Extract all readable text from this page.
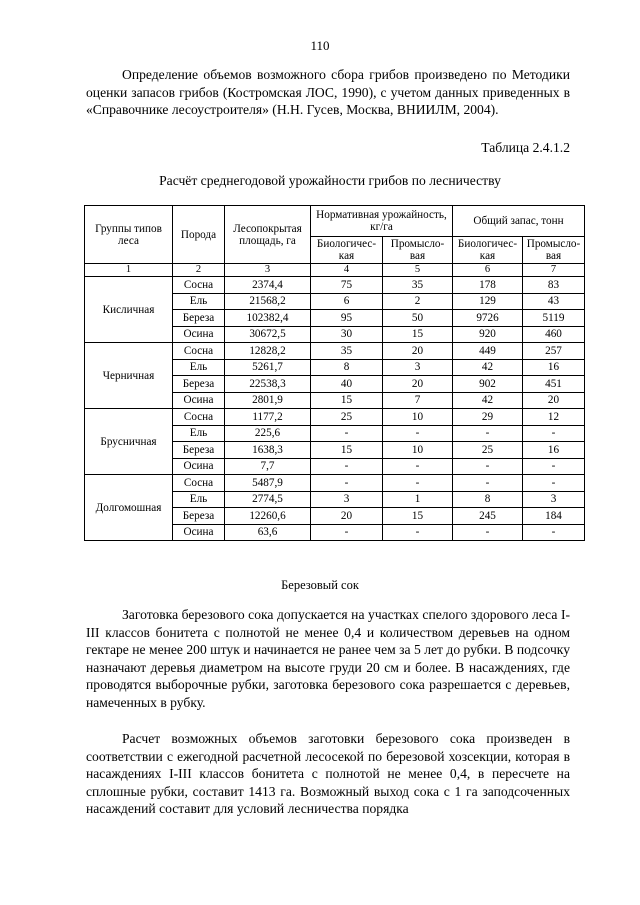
110

Определение объемов возможного сбора грибов произведено по Методики оценки запасов грибов (Костромская ЛОС, 1990), с учетом данных приведенных в «Справочнике лесоустроителя» (Н.Н. Гусев, Москва, ВНИИЛМ, 2004).

Таблица 2.4.1.2
Расчёт среднегодовой урожайности грибов по лесничеству
Группы типов леса	Порода	Лесопокрытая площадь, га	Нормативная урожайность, кг/га		Общий запас, тонн	
			Биологичес-кая	Промысло-вая	Биологичес-кая	Промысло-вая
1	2	3	4	5	6	7
Кисличная	Сосна	2374,4	75	35	178	83
	Ель	21568,2	6	2	129	43
	Береза	102382,4	95	50	9726	5119
	Осина	30672,5	30	15	920	460
Черничная	Сосна	12828,2	35	20	449	257
	Ель	5261,7	8	3	42	16
	Береза	22538,3	40	20	902	451
	Осина	2801,9	15	7	42	20
Брусничная	Сосна	1177,2	25	10	29	12
	Ель	225,6	-	-	-	-
	Береза	1638,3	15	10	25	16
	Осина	7,7	-	-	-	-
Долгомошная	Сосна	5487,9	-	-	-	-
	Ель	2774,5	3	1	8	3
	Береза	12260,6	20	15	245	184
	Осина	63,6	-	-	-	-
Березовый сок

Заготовка березового сока допускается на участках спелого здорового леса I-III классов бонитета с полнотой не менее 0,4 и количеством деревьев на одном гектаре не менее 200 штук и начинается не ранее чем за 5 лет до рубки. В подсочку назначают деревья диаметром на высоте груди 20 см и более. В насаждениях, где проводятся выборочные рубки, заготовка березового сока разрешается с деревьев, намеченных в рубку.

Расчет возможных объемов заготовки березового сока произведен в соответствии с ежегодной расчетной лесосекой по березовой хозсекции, которая в насаждениях I-III классов бонитета с полнотой не менее 0,4, в пересчете на сплошные рубки, составит 1413 га. Возможный выход сока с 1 га заподсоченных насаждений составит для условий лесничества порядка
